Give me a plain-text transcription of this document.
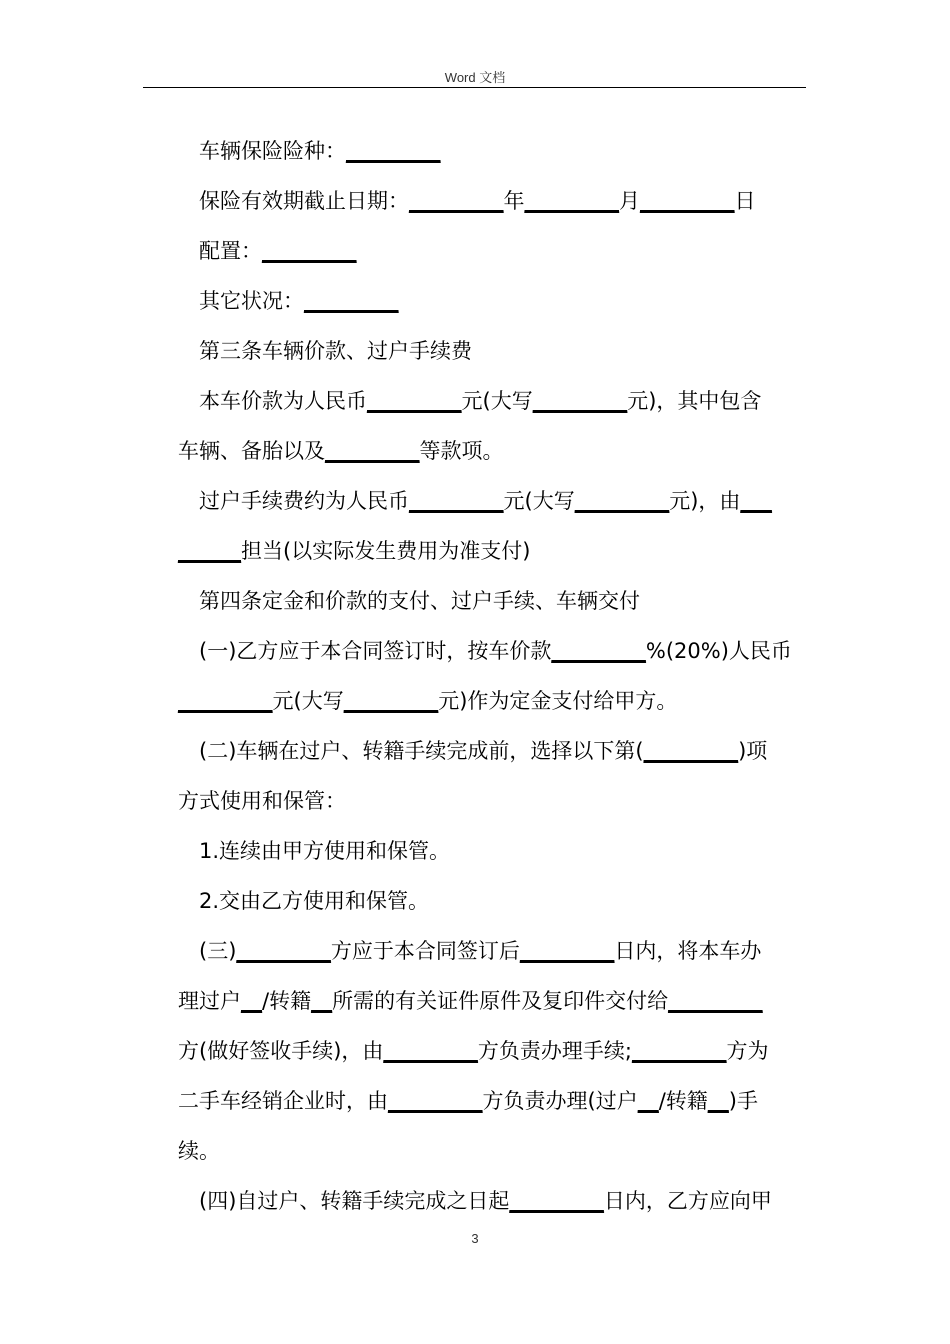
Word 文档
车辆保险险种：_________
保险有效期截止日期：_________年_________月_________日
配置：_________
其它状况：_________
第三条车辆价款、过户手续费
本车价款为人民币_________元(大写_________元)，其中包含
车辆、备胎以及_________等款项。
过户手续费约为人民币_________元(大写_________元)，由___
______担当(以实际发生费用为准支付)
第四条定金和价款的支付、过户手续、车辆交付
(一)乙方应于本合同签订时，按车价款_________%(20%)人民币
_________元(大写_________元)作为定金支付给甲方。
(二)车辆在过户、转籍手续完成前，选择以下第(_________)项
方式使用和保管：
1.连续由甲方使用和保管。
2.交由乙方使用和保管。
(三)_________方应于本合同签订后_________日内，将本车办
理过户__/转籍__所需的有关证件原件及复印件交付给_________
方(做好签收手续)，由_________方负责办理手续;_________方为
二手车经销企业时，由_________方负责办理(过户__/转籍__)手
续。
(四)自过户、转籍手续完成之日起_________日内，乙方应向甲
3
